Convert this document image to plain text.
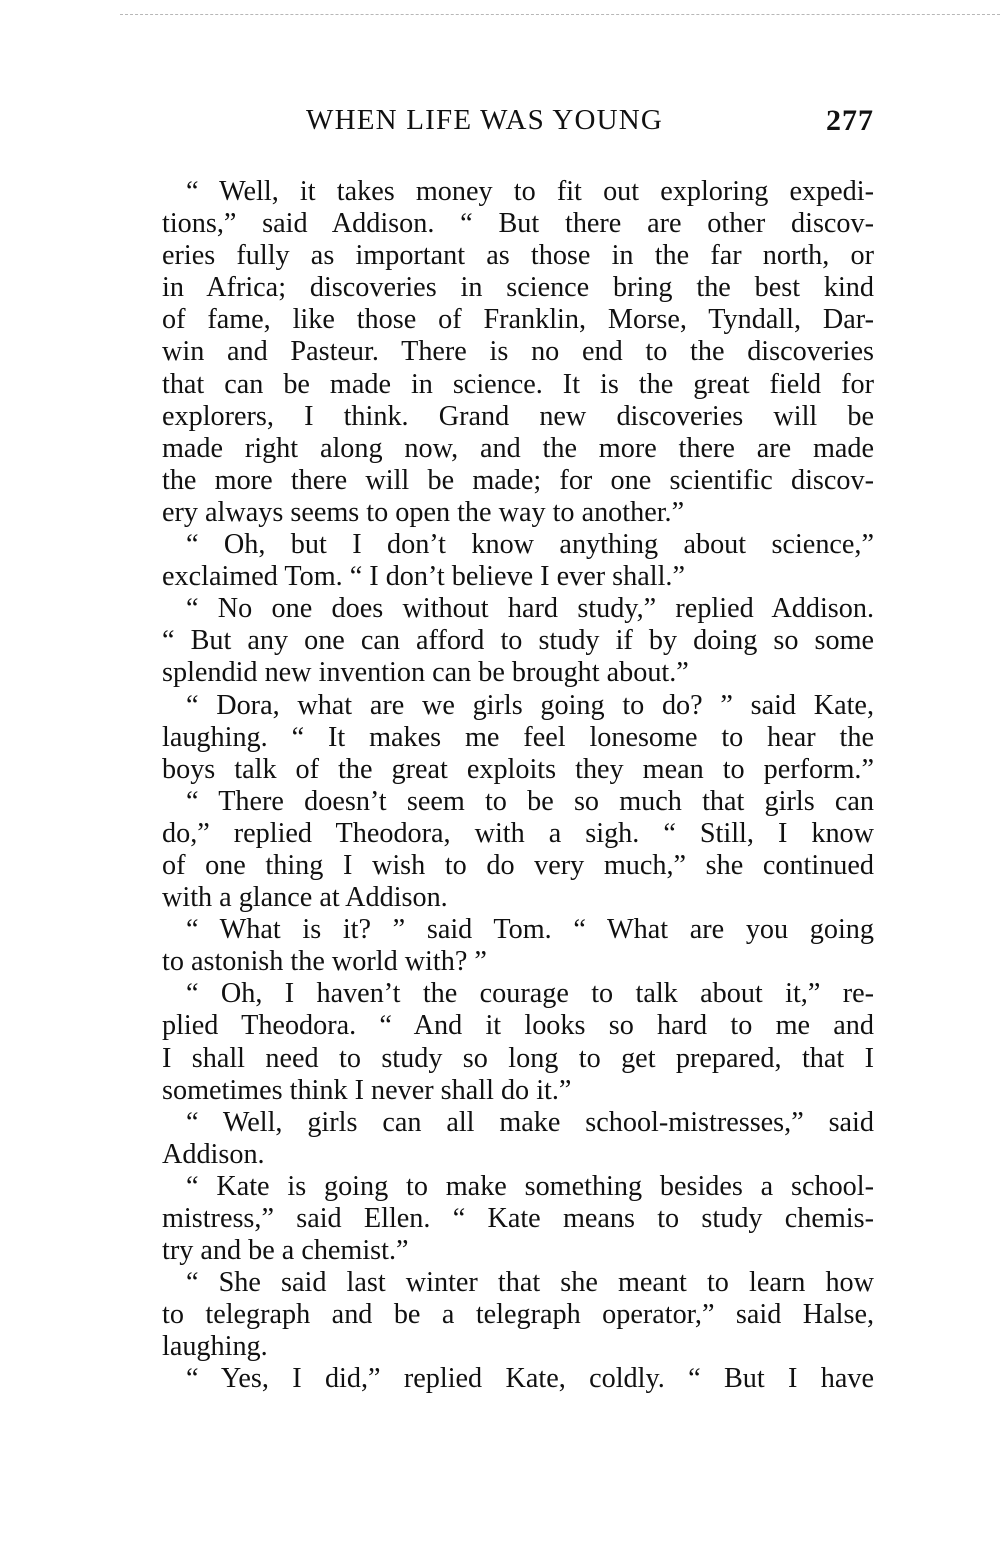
WHEN LIFE WAS YOUNG	277
“ Well, it takes money to fit out exploring expedi-
tions,” said Addison. “ But there are other discov-
eries fully as important as those in the far north, or
in Africa; discoveries in science bring the best kind
of fame, like those of Franklin, Morse, Tyndall, Dar-
win and Pasteur. There is no end to the discoveries
that can be made in science. It is the great field for
explorers, I think. Grand new discoveries will be
made right along now, and the more there are made
the more there will be made; for one scientific discov-
ery always seems to open the way to another.”
“ Oh, but I don’t know anything about science,”
exclaimed Tom. “ I don’t believe I ever shall.”
“ No one does without hard study,” replied Addison.
“ But any one can afford to study if by doing so some
splendid new invention can be brought about.”
“ Dora, what are we girls going to do? ” said Kate,
laughing. “ It makes me feel lonesome to hear the
boys talk of the great exploits they mean to perform.”
“ There doesn’t seem to be so much that girls can
do,” replied Theodora, with a sigh. “ Still, I know
of one thing I wish to do very much,” she continued
with a glance at Addison.
“ What is it? ” said Tom. “ What are you going
to astonish the world with? ”
“ Oh, I haven’t the courage to talk about it,” re-
plied Theodora. “ And it looks so hard to me and
I shall need to study so long to get prepared, that I
sometimes think I never shall do it.”
“ Well, girls can all make school-mistresses,” said
Addison.
“ Kate is going to make something besides a school-
mistress,” said Ellen. “ Kate means to study chemis-
try and be a chemist.”
“ She said last winter that she meant to learn how
to telegraph and be a telegraph operator,” said Halse,
laughing.
“ Yes, I did,” replied Kate, coldly. “ But I have
